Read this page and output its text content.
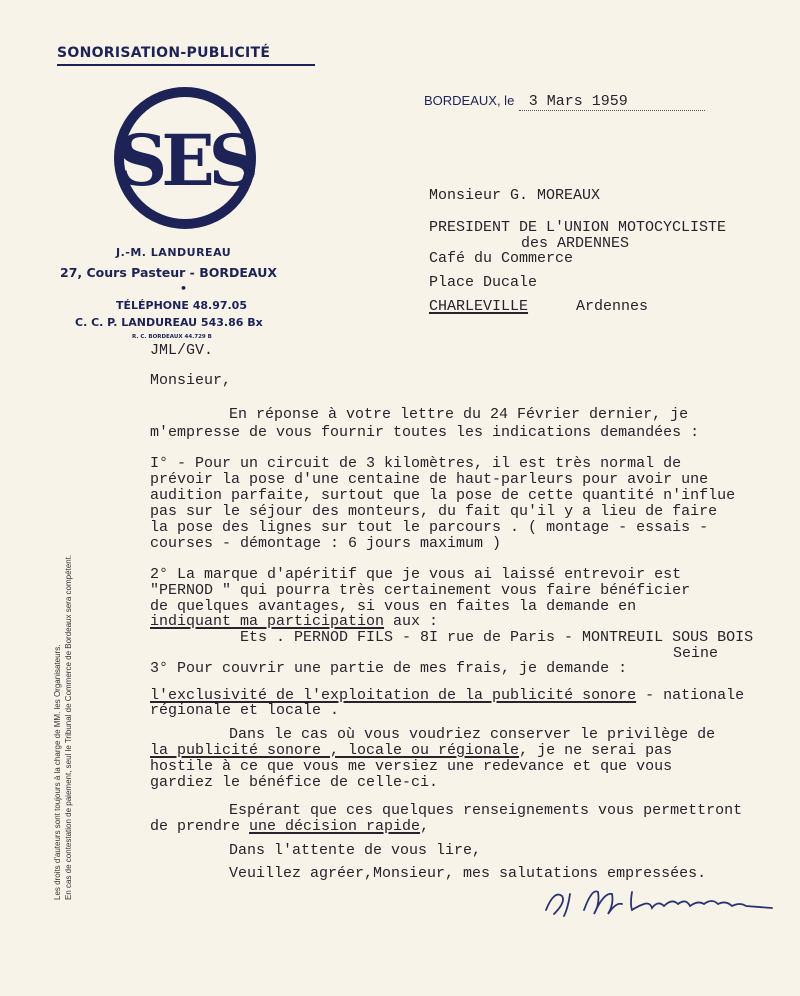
SONORISATION-PUBLICITÉ
SES
J.-M. LANDUREAU
27, Cours Pasteur - BORDEAUX
•
TÉLÉPHONE 48.97.05
C. C. P. LANDUREAU 543.86 Bx
R. C. BORDEAUX 44.729 B
BORDEAUX, le 3 Mars 1959
Monsieur G. MOREAUX
PRESIDENT DE L'UNION MOTOCYCLISTE
des ARDENNES
Café du Commerce
Place Ducale
CHARLEVILLE	Ardennes
JML/GV.
Monsieur,
En réponse à votre lettre du 24 Février dernier, je
m'empresse de vous fournir toutes les indications demandées :
I° - Pour un circuit de 3 kilomètres, il est très normal de
prévoir la pose d'une centaine de haut-parleurs pour avoir une
audition parfaite, surtout que la pose de cette quantité n'influe
pas sur le séjour des monteurs, du fait qu'il y a lieu de faire
la pose des lignes sur tout le parcours . ( montage - essais -
courses - démontage : 6 jours maximum )
2° La marque d'apéritif que je vous ai laissé entrevoir est
"PERNOD " qui pourra très certainement vous faire bénéficier
de quelques avantages, si vous en faites la demande en
indiquant ma participation aux :
Ets . PERNOD FILS - 8I rue de Paris - MONTREUIL SOUS BOIS
Seine
3° Pour couvrir une partie de mes frais, je demande :
l'exclusivité de l'exploitation de la publicité sonore - nationale
régionale et locale .
Dans le cas où vous voudriez conserver le privilège de
la publicité sonore , locale ou régionale, je ne serai pas
hostile à ce que vous me versiez une redevance et que vous
gardiez le bénéfice de celle-ci.
Espérant que ces quelques renseignements vous permettront
de prendre une décision rapide,
Dans l'attente de vous lire,
Veuillez agréer,Monsieur, mes salutations empressées.
Les droits d'auteurs sont toujours à la charge de MM. les Organisateurs. En cas de contestation de paiement, seul le Tribunal de Commerce de Bordeaux sera compétent.
